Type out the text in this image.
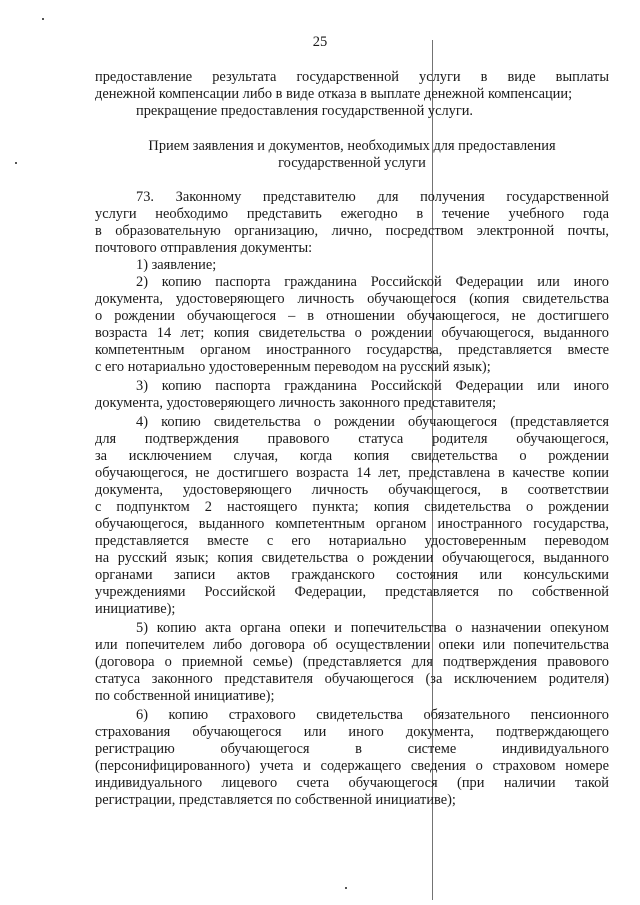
25

предоставление результата государственной услуги в виде выплаты

денежной компенсации либо в виде отказа в выплате денежной компенсации;

прекращение предоставления государственной услуги.

Прием заявления и документов, необходимых для предоставления

государственной услуги

73. Законному представителю для получения государственной

услуги необходимо представить ежегодно в течение учебного года

в образовательную организацию, лично, посредством электронной почты,

почтового отправления документы:

1) заявление;

2) копию паспорта гражданина Российской Федерации или иного

документа, удостоверяющего личность обучающегося (копия свидетельства

о рождении обучающегося – в отношении обучающегося, не достигшего

возраста 14 лет; копия свидетельства о рождении обучающегося, выданного

компетентным органом иностранного государства, представляется вместе

с его нотариально удостоверенным переводом на русский язык);

3) копию паспорта гражданина Российской Федерации или иного

документа, удостоверяющего личность законного представителя;

4) копию свидетельства о рождении обучающегося (представляется

для подтверждения правового статуса родителя обучающегося,

за исключением случая, когда копия свидетельства о рождении

обучающегося, не достигшего возраста 14 лет, представлена в качестве копии

документа, удостоверяющего личность обучающегося, в соответствии

с подпунктом 2 настоящего пункта; копия свидетельства о рождении

обучающегося, выданного компетентным органом иностранного государства,

представляется вместе с его нотариально удостоверенным переводом

на русский язык; копия свидетельства о рождении обучающегося, выданного

органами записи актов гражданского состояния или консульскими

учреждениями Российской Федерации, представляется по собственной

инициативе);

5) копию акта органа опеки и попечительства о назначении опекуном

или попечителем либо договора об осуществлении опеки или попечительства

(договора о приемной семье) (представляется для подтверждения правового

статуса законного представителя обучающегося (за исключением родителя)

по собственной инициативе);

6) копию страхового свидетельства обязательного пенсионного

страхования обучающегося или иного документа, подтверждающего

регистрацию обучающегося в системе индивидуального

(персонифицированного) учета и содержащего сведения о страховом номере

индивидуального лицевого счета обучающегося (при наличии такой

регистрации, представляется по собственной инициативе);
